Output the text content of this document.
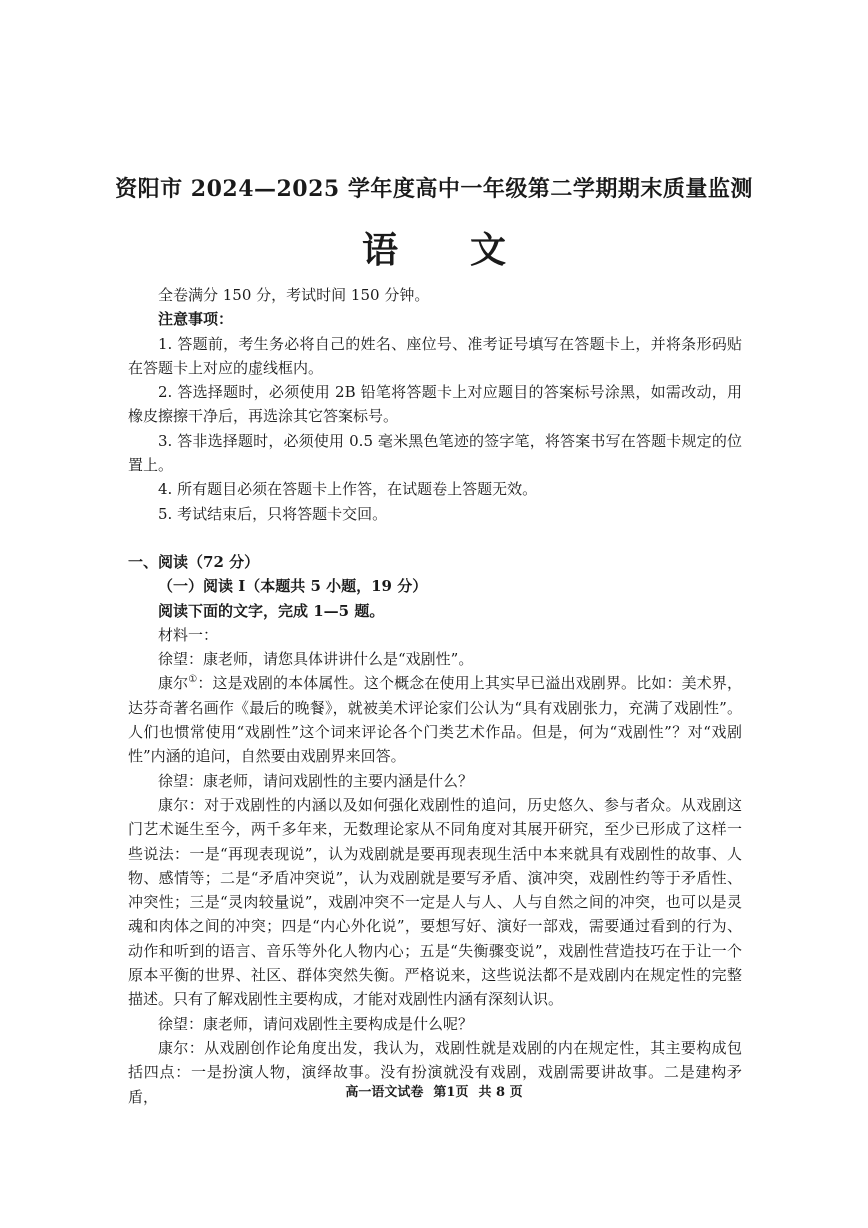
资阳市 2024—2025 学年度高中一年级第二学期期末质量监测
语文

全卷满分 150 分，考试时间 150 分钟。

注意事项：

1. 答题前，考生务必将自己的姓名、座位号、准考证号填写在答题卡上，并将条形码贴在答题卡上对应的虚线框内。

2. 答选择题时，必须使用 2B 铅笔将答题卡上对应题目的答案标号涂黑，如需改动，用橡皮擦擦干净后，再选涂其它答案标号。

3. 答非选择题时，必须使用 0.5 毫米黑色笔迹的签字笔，将答案书写在答题卡规定的位置上。

4. 所有题目必须在答题卡上作答，在试题卷上答题无效。

5. 考试结束后，只将答题卡交回。

一、阅读（72 分）

（一）阅读 I（本题共 5 小题，19 分）

阅读下面的文字，完成 1—5 题。

材料一：

徐望：康老师，请您具体讲讲什么是“戏剧性”。

康尔①：这是戏剧的本体属性。这个概念在使用上其实早已溢出戏剧界。比如：美术界，达芬奇著名画作《最后的晚餐》，就被美术评论家们公认为“具有戏剧张力，充满了戏剧性”。人们也惯常使用“戏剧性”这个词来评论各个门类艺术作品。但是，何为“戏剧性”？对“戏剧性”内涵的追问，自然要由戏剧界来回答。

徐望：康老师，请问戏剧性的主要内涵是什么？

康尔：对于戏剧性的内涵以及如何强化戏剧性的追问，历史悠久、参与者众。从戏剧这门艺术诞生至今，两千多年来，无数理论家从不同角度对其展开研究，至少已形成了这样一些说法：一是“再现表现说”，认为戏剧就是要再现表现生活中本来就具有戏剧性的故事、人物、感情等；二是“矛盾冲突说”，认为戏剧就是要写矛盾、演冲突，戏剧性约等于矛盾性、冲突性；三是“灵肉较量说”，戏剧冲突不一定是人与人、人与自然之间的冲突，也可以是灵魂和肉体之间的冲突；四是“内心外化说”，要想写好、演好一部戏，需要通过看到的行为、动作和听到的语言、音乐等外化人物内心；五是“失衡骤变说”，戏剧性营造技巧在于让一个原本平衡的世界、社区、群体突然失衡。严格说来，这些说法都不是戏剧内在规定性的完整描述。只有了解戏剧性主要构成，才能对戏剧性内涵有深刻认识。

徐望：康老师，请问戏剧性主要构成是什么呢？

康尔：从戏剧创作论角度出发，我认为，戏剧性就是戏剧的内在规定性，其主要构成包括四点：一是扮演人物，演绎故事。没有扮演就没有戏剧，戏剧需要讲故事。二是建构矛盾，	高一语文试卷 第1页 共 8 页
